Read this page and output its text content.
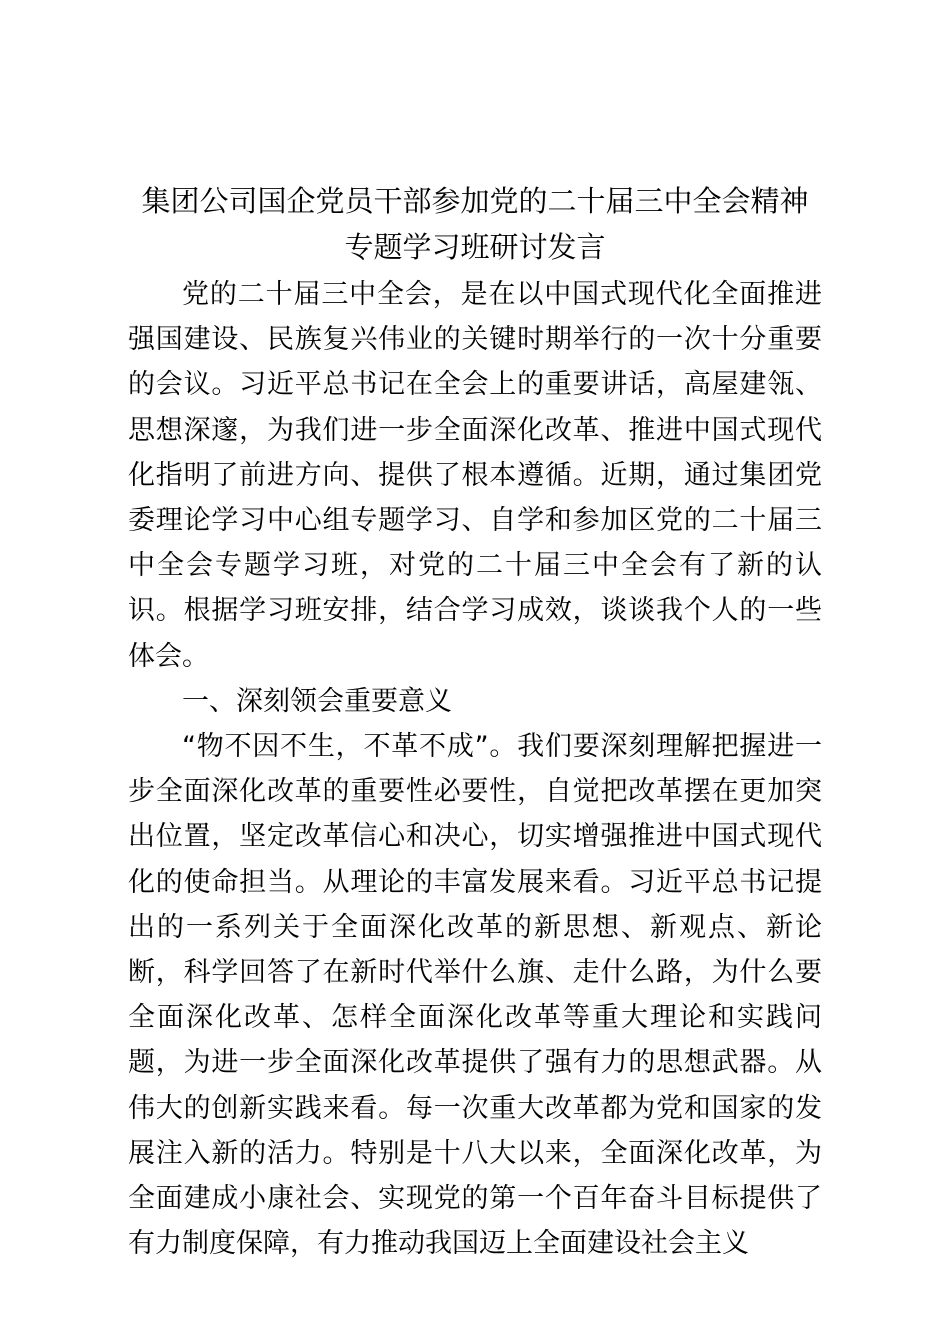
集团公司国企党员干部参加党的二十届三中全会精神专题学习班研讨发言

党的二十届三中全会，是在以中国式现代化全面推进强国建设、民族复兴伟业的关键时期举行的一次十分重要的会议。习近平总书记在全会上的重要讲话，高屋建瓴、思想深邃，为我们进一步全面深化改革、推进中国式现代化指明了前进方向、提供了根本遵循。近期，通过集团党委理论学习中心组专题学习、自学和参加区党的二十届三中全会专题学习班，对党的二十届三中全会有了新的认识。根据学习班安排，结合学习成效，谈谈我个人的一些体会。

一、深刻领会重要意义

“物不因不生，不革不成”。我们要深刻理解把握进一步全面深化改革的重要性必要性，自觉把改革摆在更加突出位置，坚定改革信心和决心，切实增强推进中国式现代化的使命担当。从理论的丰富发展来看。习近平总书记提出的一系列关于全面深化改革的新思想、新观点、新论断，科学回答了在新时代举什么旗、走什么路，为什么要全面深化改革、怎样全面深化改革等重大理论和实践问题，为进一步全面深化改革提供了强有力的思想武器。从伟大的创新实践来看。每一次重大改革都为党和国家的发展注入新的活力。特别是十八大以来，全面深化改革，为全面建成小康社会、实现党的第一个百年奋斗目标提供了有力制度保障，有力推动我国迈上全面建设社会主义
